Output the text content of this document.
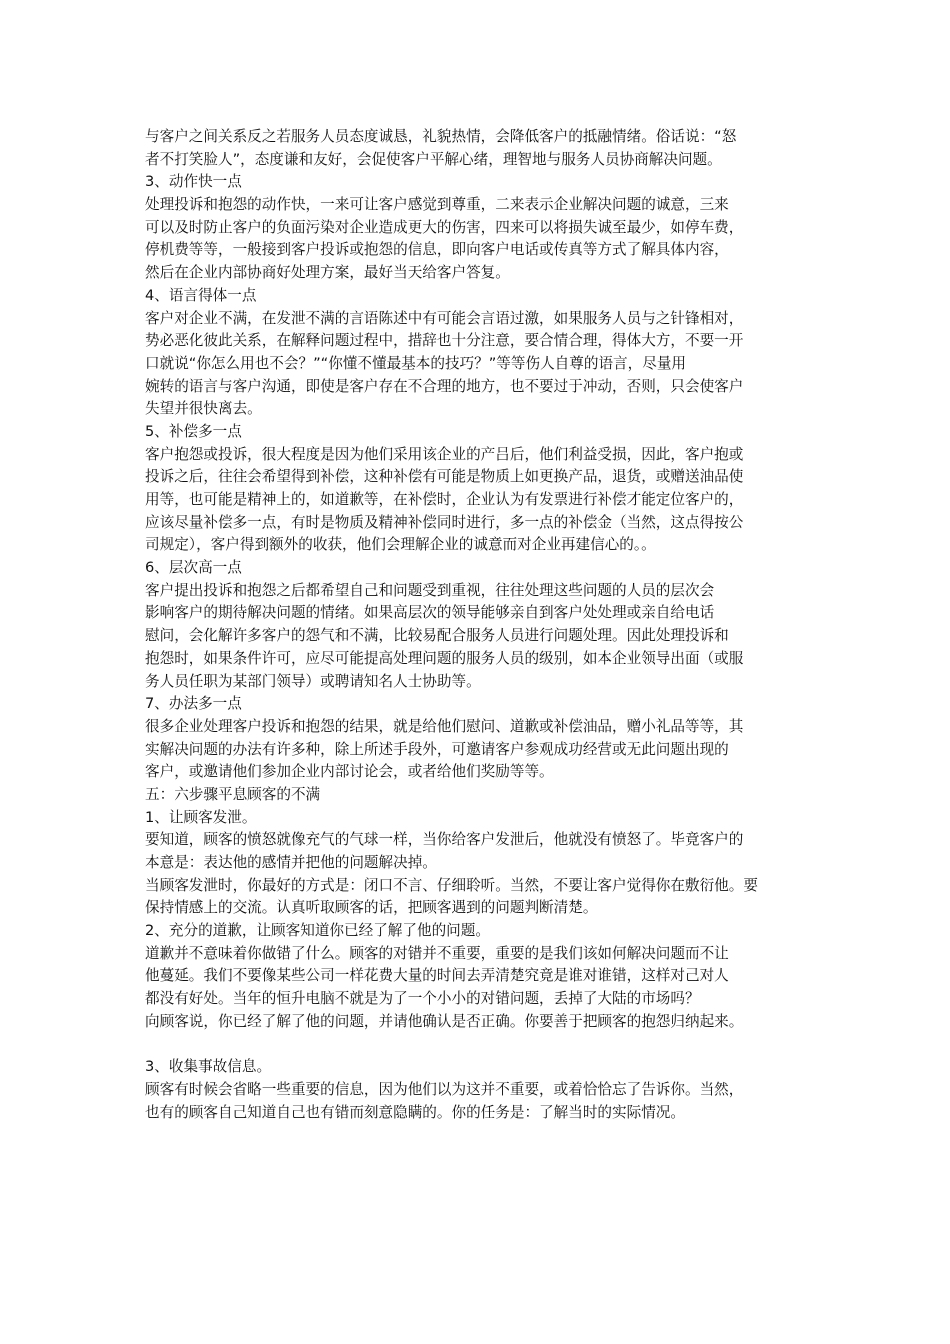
与客户之间关系反之若服务人员态度诚恳，礼貌热情，会降低客户的抵融情绪。俗话说：“怒
者不打笑脸人”，态度谦和友好，会促使客户平解心绪，理智地与服务人员协商解决问题。
3、动作快一点
处理投诉和抱怨的动作快，一来可让客户感觉到尊重，二来表示企业解决问题的诚意，三来
可以及时防止客户的负面污染对企业造成更大的伤害，四来可以将损失诚至最少，如停车费，
停机费等等，一般接到客户投诉或抱怨的信息，即向客户电话或传真等方式了解具体内容，
然后在企业内部协商好处理方案，最好当天给客户答复。
4、语言得体一点
客户对企业不满，在发泄不满的言语陈述中有可能会言语过激，如果服务人员与之针锋相对，
势必恶化彼此关系，在解释问题过程中，措辞也十分注意，要合情合理，得体大方，不要一开
口就说“你怎么用也不会？”“你懂不懂最基本的技巧？”等等伤人自尊的语言，尽量用
婉转的语言与客户沟通，即使是客户存在不合理的地方，也不要过于冲动，否则，只会使客户
失望并很快离去。
5、补偿多一点
客户抱怨或投诉，很大程度是因为他们采用该企业的产吕后，他们利益受损，因此，客户抱或
投诉之后，往往会希望得到补偿，这种补偿有可能是物质上如更换产品，退货，或赠送油品使
用等，也可能是精神上的，如道歉等，在补偿时，企业认为有发票进行补偿才能定位客户的，
应该尽量补偿多一点，有时是物质及精神补偿同时进行，多一点的补偿金（当然，这点得按公
司规定），客户得到额外的收获，他们会理解企业的诚意而对企业再建信心的。。
6、层次高一点
客户提出投诉和抱怨之后都希望自己和问题受到重视，往往处理这些问题的人员的层次会
影响客户的期待解决问题的情绪。如果高层次的领导能够亲自到客户处处理或亲自给电话
慰问，会化解许多客户的怨气和不满，比较易配合服务人员进行问题处理。因此处理投诉和
抱怨时，如果条件许可，应尽可能提高处理问题的服务人员的级别，如本企业领导出面（或服
务人员任职为某部门领导）或聘请知名人士协助等。
7、办法多一点
很多企业处理客户投诉和抱怨的结果，就是给他们慰问、道歉或补偿油品，赠小礼品等等，其
实解决问题的办法有许多种，除上所述手段外，可邀请客户参观成功经营或无此问题出现的
客户，或邀请他们参加企业内部讨论会，或者给他们奖励等等。
五：六步骤平息顾客的不满
1、让顾客发泄。
要知道，顾客的愤怒就像充气的气球一样，当你给客户发泄后，他就没有愤怒了。毕竟客户的
本意是：表达他的感情并把他的问题解决掉。
当顾客发泄时，你最好的方式是：闭口不言、仔细聆听。当然，不要让客户觉得你在敷衍他。要
保持情感上的交流。认真听取顾客的话，把顾客遇到的问题判断清楚。
2、充分的道歉，让顾客知道你已经了解了他的问题。
道歉并不意味着你做错了什么。顾客的对错并不重要，重要的是我们该如何解决问题而不让
他蔓延。我们不要像某些公司一样花费大量的时间去弄清楚究竟是谁对谁错，这样对己对人
都没有好处。当年的恒升电脑不就是为了一个小小的对错问题，丢掉了大陆的市场吗？
向顾客说，你已经了解了他的问题，并请他确认是否正确。你要善于把顾客的抱怨归纳起来。
3、收集事故信息。
顾客有时候会省略一些重要的信息，因为他们以为这并不重要，或着恰恰忘了告诉你。当然，
也有的顾客自己知道自己也有错而刻意隐瞒的。你的任务是：了解当时的实际情况。
